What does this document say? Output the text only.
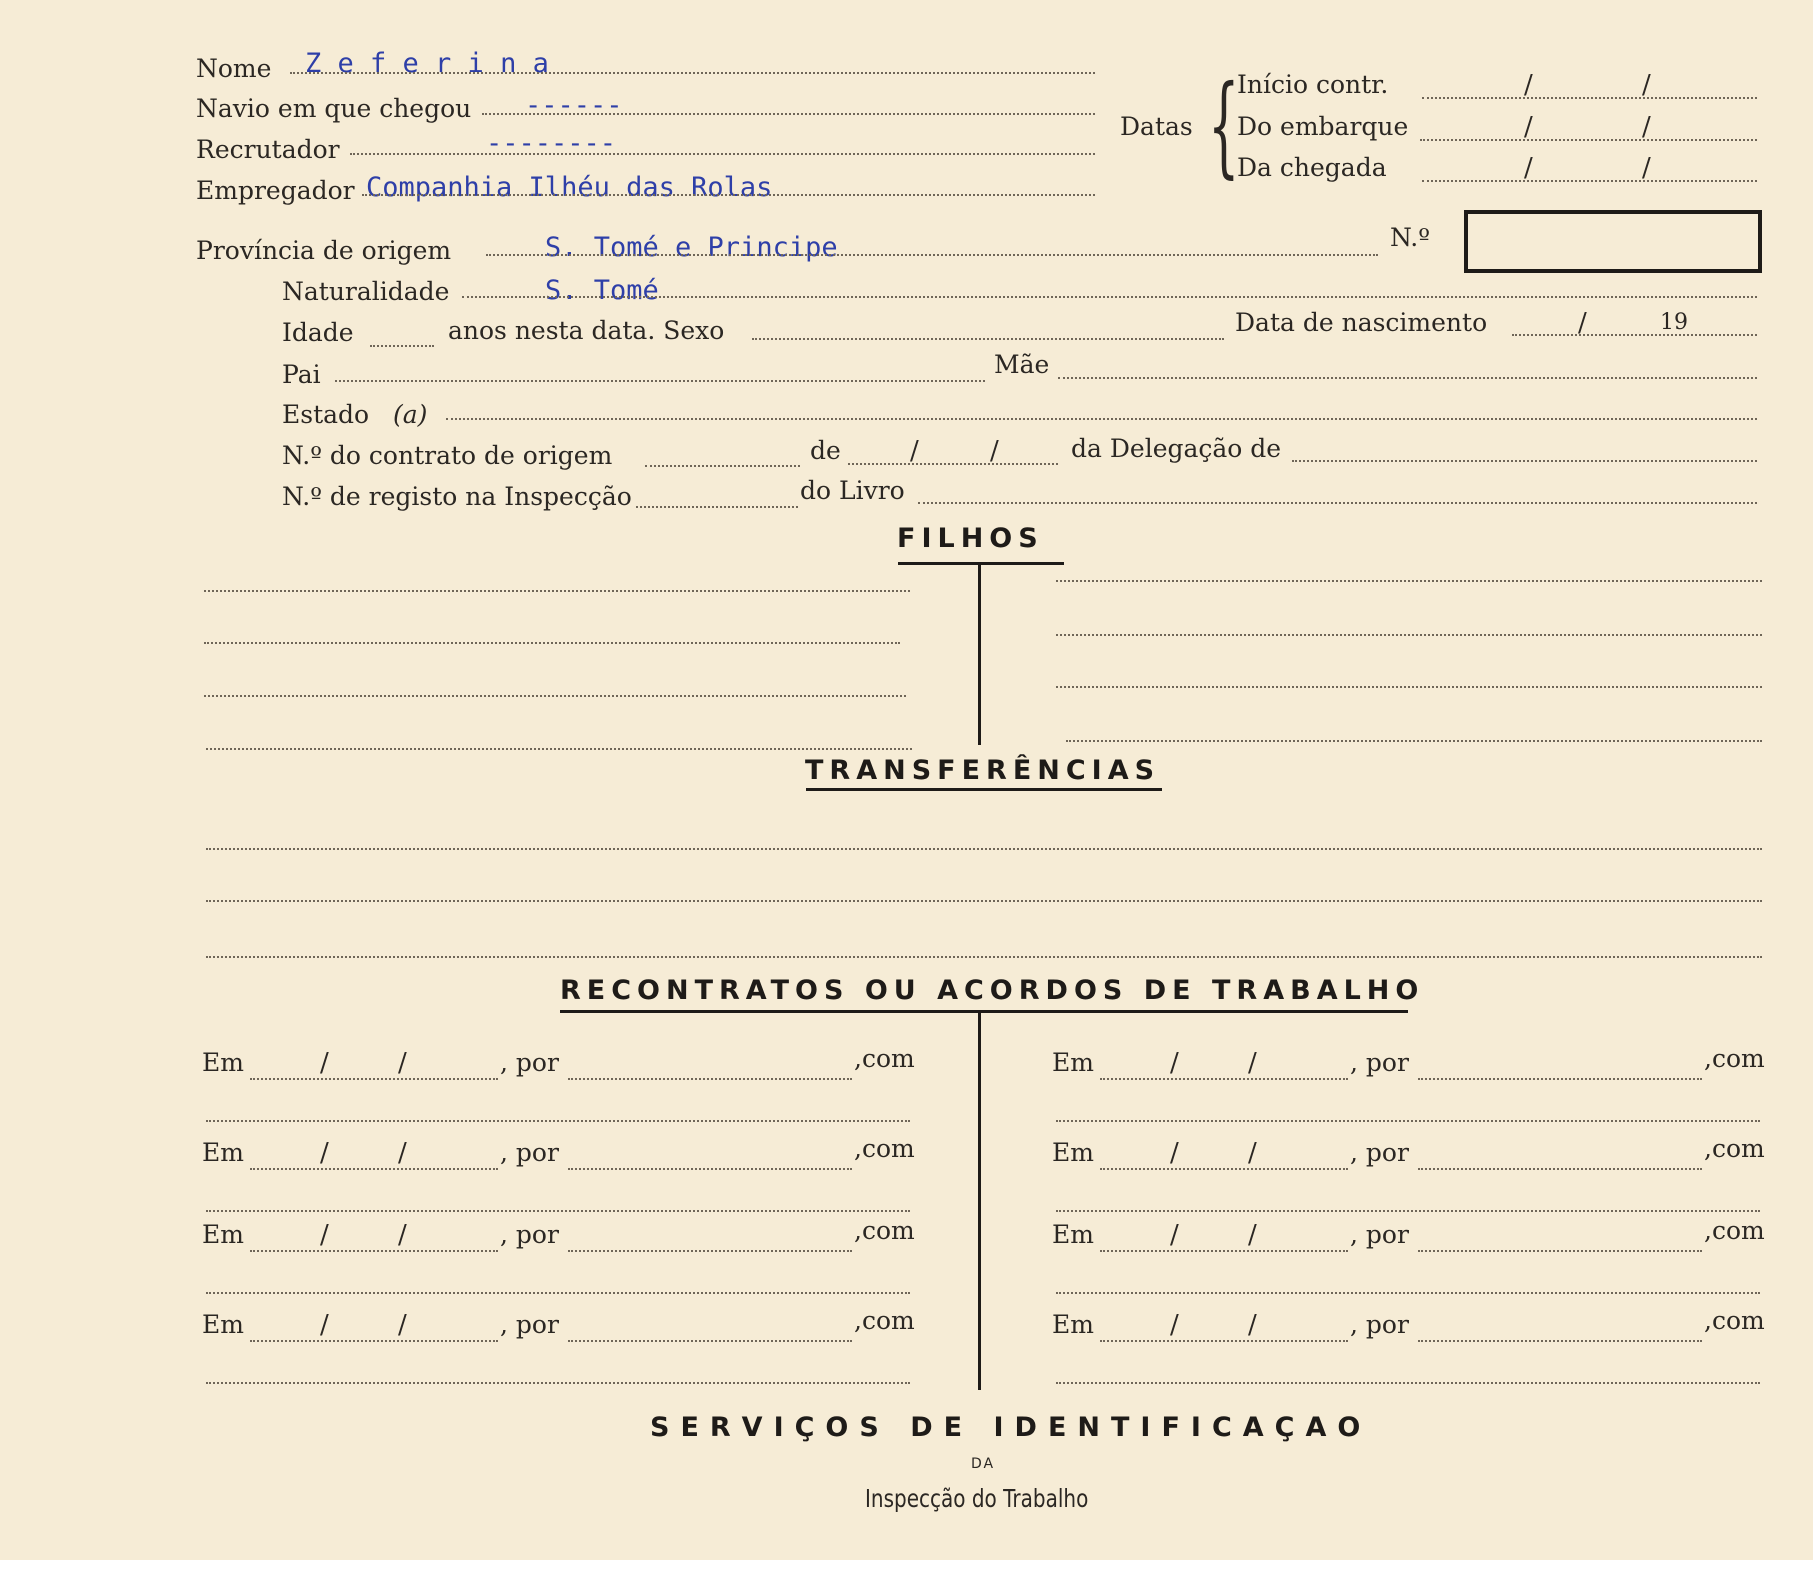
Nome Z e f e r i n a
Navio em que chegou ------
Recrutador	--------
Empregador Companhia Ilhéu das Rolas
Datas {
Início contr.	/	/
Do embarque	/	/
Da chegada	/	/
Província de origem	S. Tomé e Principe	N.º
Naturalidade	S. Tomé
Idade	anos nesta data. Sexo	Data de nascimento	/	19
Pai	Mãe
Estado (a)
N.º do contrato de origem	de	/	/	da Delegação de
N.º de registo na Inspecção	do Livro
FILHOS
TRANSFERÊNCIAS
RECONTRATOS OU ACORDOS DE TRABALHO
Em	/	/	, por	,com
Em	/	/	, por	,com
Em	/	/	, por	,com
Em	/	/	, por	,com
Em	/	/	, por	,com
Em	/	/	, por	,com
Em	/	/	, por	,com
Em	/	/	, por	,com
SERVIÇOS DE IDENTIFICAÇAO
DA
Inspecção do Trabalho
